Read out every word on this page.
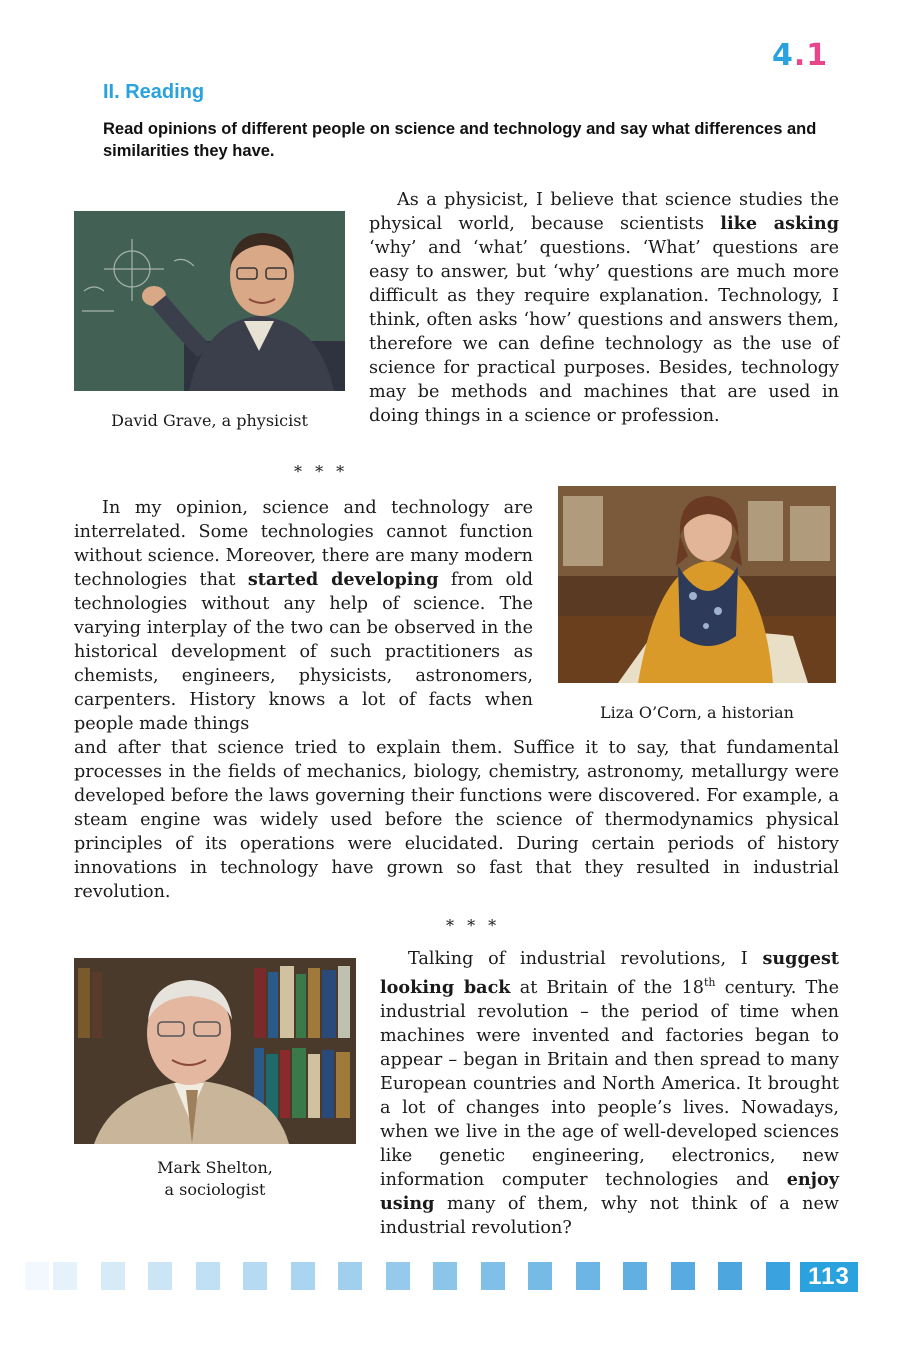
4.1
II. Reading
Read opinions of different people on science and technology and say what differences and similarities they have.
David Grave, a physicist

As a physicist, I believe that science studies the physical world, because scientists like asking ‘why’ and ‘what’ questions. ‘What’ questions are easy to answer, but ‘why’ questions are much more difficult as they require explanation. Technology, I think, often asks ‘how’ questions and answers them, therefore we can define technology as the use of science for practical purposes. Besides, technology may be methods and machines that are used in doing things in a science or profession.

* * *

In my opinion, science and technology are interrelated. Some technologies cannot function without science. Moreover, there are many modern technologies that started developing from old technologies without any help of science. The varying interplay of the two can be observed in the historical development of such practitioners as chemists, engineers, physicists, astronomers, carpenters. History knows a lot of facts when people made things

Liza O’Corn, a historian

and after that science tried to explain them. Suffice it to say, that fundamental processes in the fields of mechanics, biology, chemistry, astronomy, metallurgy were developed before the laws governing their functions were discovered. For example, a steam engine was widely used before the science of thermodynamics physical principles of its operations were elucidated. During certain periods of history innovations in technology have grown so fast that they resulted in industrial revolution.

* * *
Mark Shelton,
a sociologist

Talking of industrial revolutions, I suggest looking back at Britain of the 18th century. The industrial revolution – the period of time when machines were invented and factories began to appear – began in Britain and then spread to many European countries and North America. It brought a lot of changes into people’s lives. Nowadays, when we live in the age of well-developed sciences like genetic engineering, electronics, new information computer technologies and enjoy using many of them, why not think of a new industrial revolution?

113
